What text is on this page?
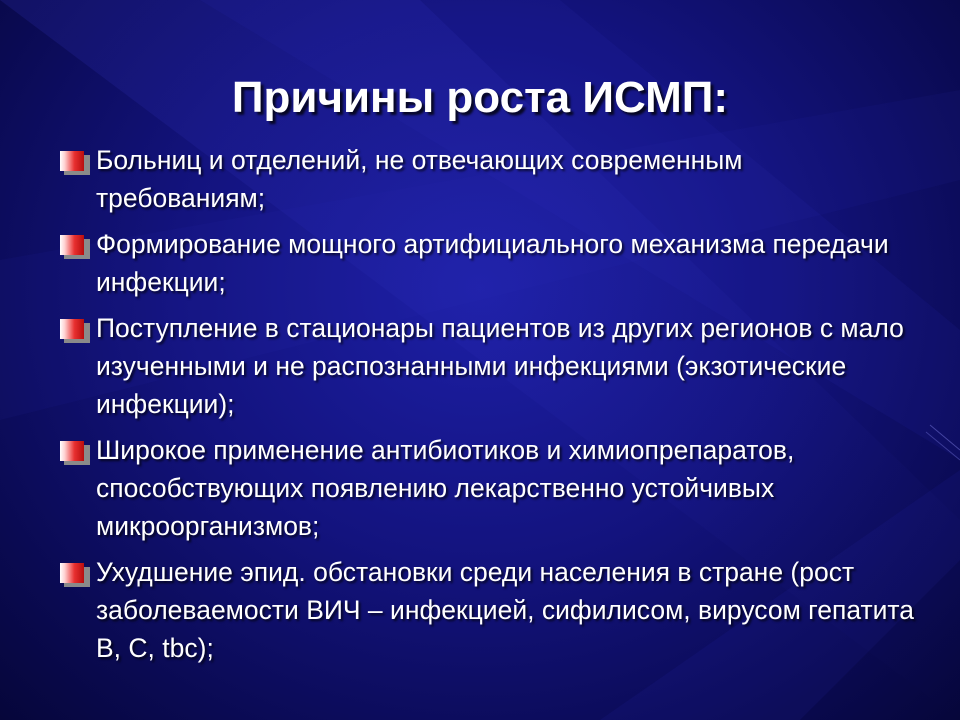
Причины роста ИСМП:
Больниц и отделений, не отвечающих современным требованиям;
Формирование мощного артифициального механизма передачи инфекции;
Поступление в стационары пациентов из других регионов с мало изученными и не распознанными инфекциями (экзотические инфекции);
Широкое применение антибиотиков и химиопрепаратов, способствующих появлению лекарственно устойчивых микроорганизмов;
Ухудшение эпид. обстановки среди населения в стране (рост заболеваемости ВИЧ – инфекцией, сифилисом, вирусом гепатита В, С, tbc);
